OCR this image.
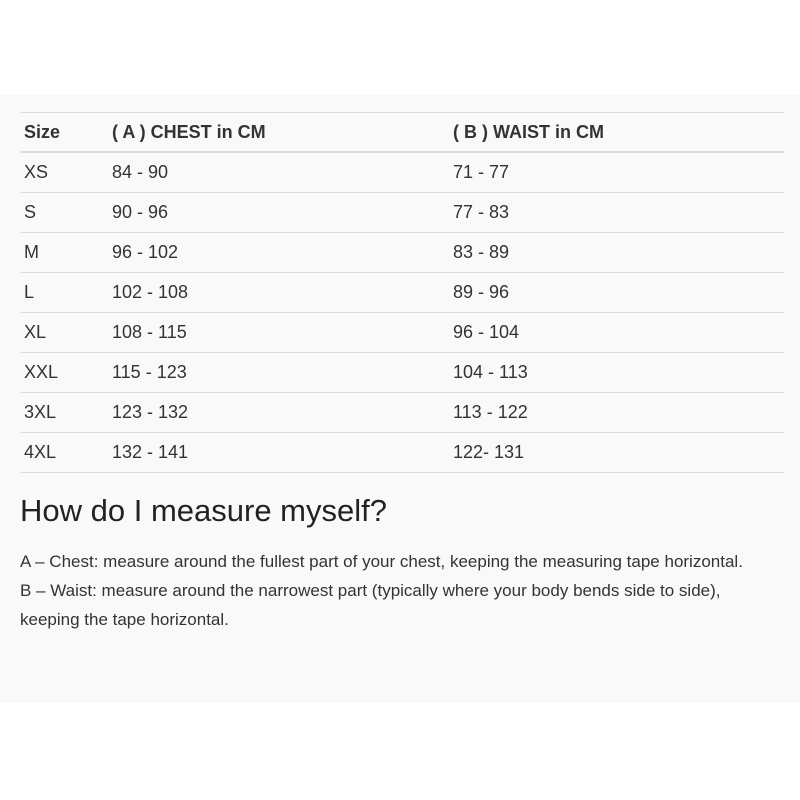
Size	( A ) CHEST in CM	( B ) WAIST in CM
XS	84 - 90	71 - 77
S	90 - 96	77 - 83
M	96 - 102	83 - 89
L	102 - 108	89 - 96
XL	108 - 115	96 - 104
XXL	115 - 123	104 - 113
3XL	123 - 132	113 - 122
4XL	132 - 141	122- 131
How do I measure myself?

A – Chest: measure around the fullest part of your chest, keeping the measuring tape horizontal.

B – Waist: measure around the narrowest part (typically where your body bends side to side), keeping the tape horizontal.
